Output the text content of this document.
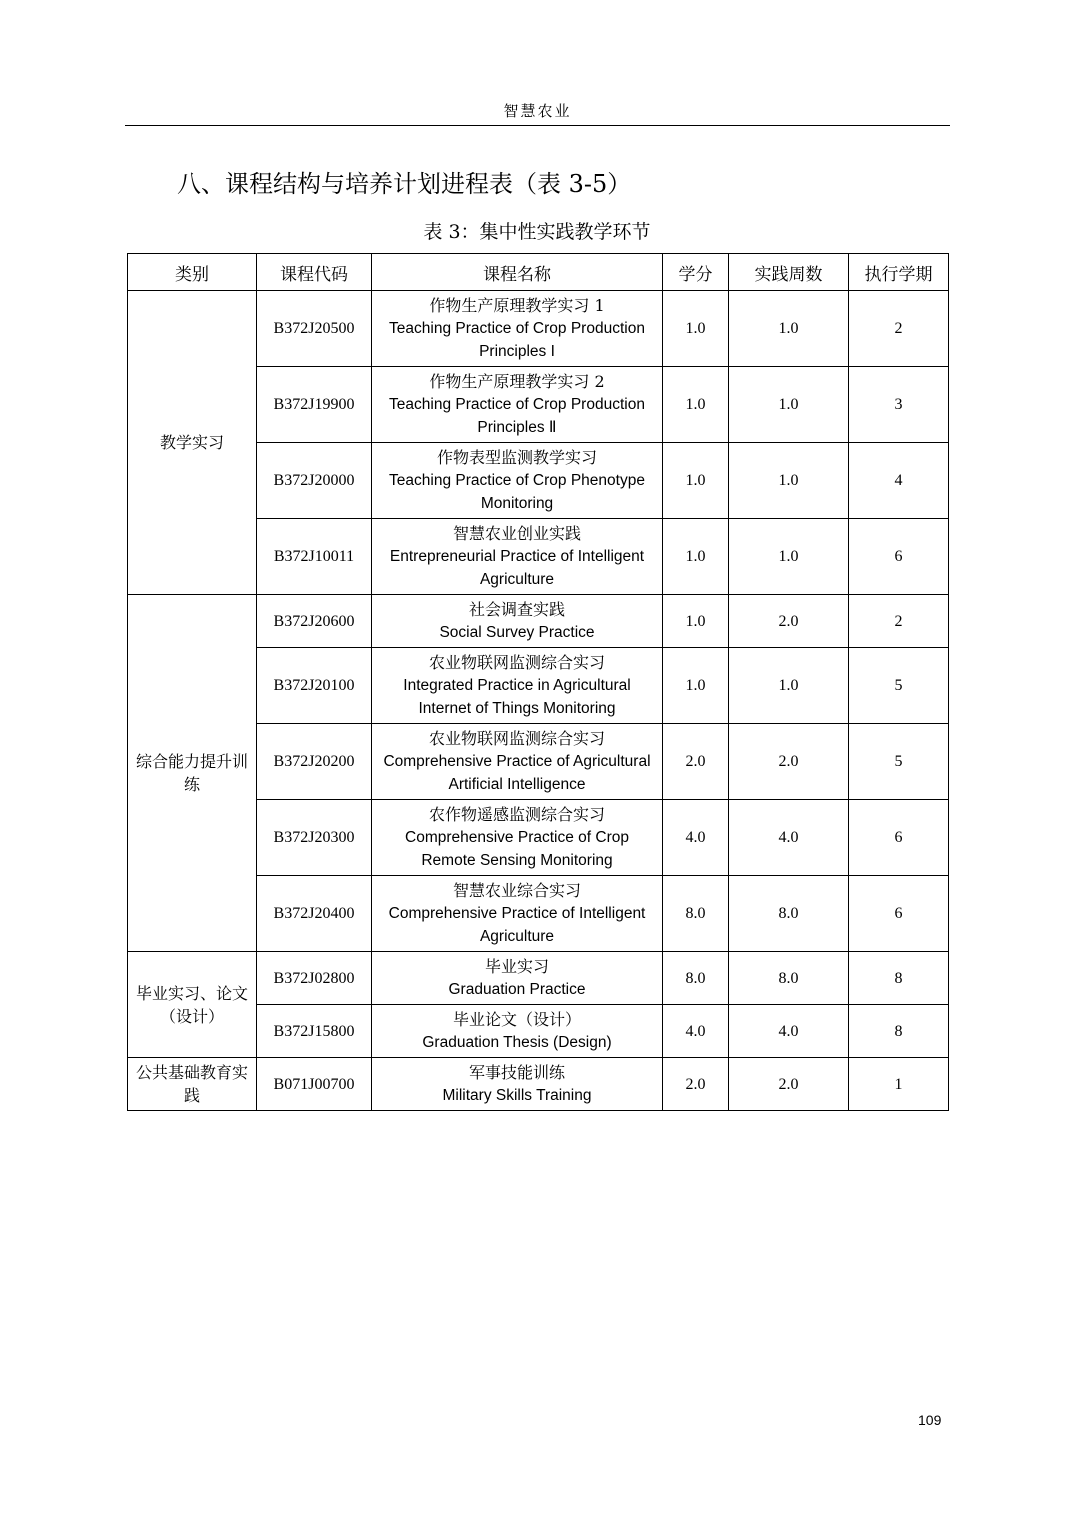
智慧农业
八、课程结构与培养计划进程表（表 3-5）
表 3：集中性实践教学环节
类别	课程代码	课程名称	学分	实践周数	执行学期
教学实习	B372J20500	作物生产原理教学实习 1
Teaching Practice of Crop Production Principles I	1.0	1.0	2
	B372J19900	作物生产原理教学实习 2
Teaching Practice of Crop Production Principles Ⅱ	1.0	1.0	3
	B372J20000	作物表型监测教学实习
Teaching Practice of Crop Phenotype Monitoring	1.0	1.0	4
	B372J10011	智慧农业创业实践
Entrepreneurial Practice of Intelligent Agriculture	1.0	1.0	6
综合能力提升训练	B372J20600	社会调查实践
Social Survey Practice	1.0	2.0	2
	B372J20100	农业物联网监测综合实习
Integrated Practice in Agricultural Internet of Things Monitoring	1.0	1.0	5
	B372J20200	农业物联网监测综合实习
Comprehensive Practice of Agricultural Artificial Intelligence	2.0	2.0	5
	B372J20300	农作物遥感监测综合实习
Comprehensive Practice of Crop Remote Sensing Monitoring	4.0	4.0	6
	B372J20400	智慧农业综合实习
Comprehensive Practice of Intelligent Agriculture	8.0	8.0	6
毕业实习、论文（设计）	B372J02800	毕业实习
Graduation Practice	8.0	8.0	8
	B372J15800	毕业论文（设计）
Graduation Thesis (Design)	4.0	4.0	8
公共基础教育实践	B071J00700	军事技能训练
Military Skills Training	2.0	2.0	1
109
